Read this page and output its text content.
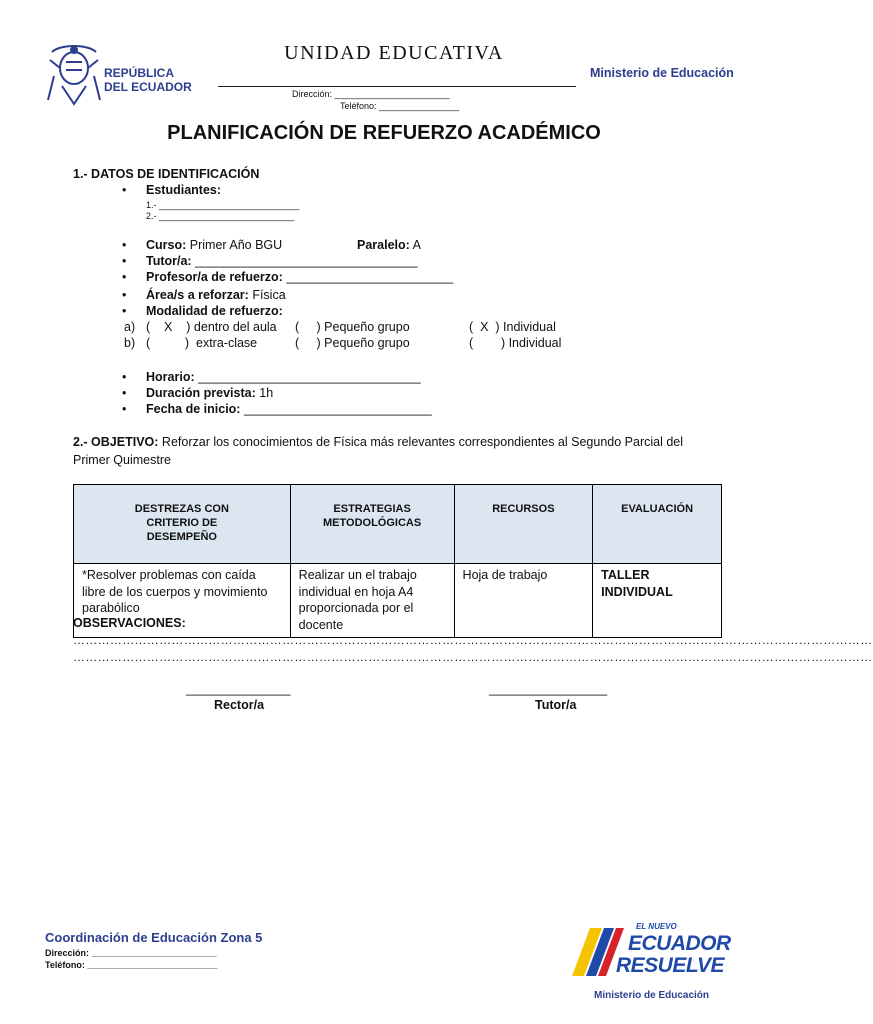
REPÚBLICA
DEL ECUADOR
UNIDAD EDUCATIVA
Dirección: _______________________
Teléfono: ________________
Ministerio de Educación
PLANIFICACIÓN DE REFUERZO ACADÉMICO
1.- DATOS DE IDENTIFICACIÓN
• Estudiantes:
1.- ____________________________
2.- ___________________________
• Curso: Primer Año BGU	Paralelo: A
• Tutor/a: ________________________________
• Profesor/a de refuerzo: ________________________
• Área/s a reforzar: Física
• Modalidad de refuerzo:
a) (    X    ) dentro del aula (     ) Pequeño grupo	(  X  ) Individual
b) (          )  extra-clase	(     ) Pequeño grupo	(        ) Individual
• Horario: ________________________________
• Duración prevista: 1h
• Fecha de inicio: ___________________________
2.- OBJETIVO: Reforzar los conocimientos de Física más relevantes correspondientes al Segundo Parcial del Primer Quimestre
DESTREZAS CON CRITERIO DE DESEMPEÑO	ESTRATEGIAS METODOLÓGICAS	RECURSOS	EVALUACIÓN
*Resolver problemas con caída libre de los cuerpos y movimiento parabólico	Realizar un el trabajo individual en hoja A4 proporcionada por el docente	Hoja de trabajo	TALLER INDIVIDUAL
OBSERVACIONES:
……………………………………………………………………………………………………………………………………………………………………………
……………………………………………………………………………………………………………………………………………………………………………
_______________
Rector/a
_________________
Tutor/a
Coordinación de Educación Zona 5
Dirección: _________________________
Teléfono: __________________________
EL NUEVO
ECUADOR
RESUELVE
Ministerio de Educación
